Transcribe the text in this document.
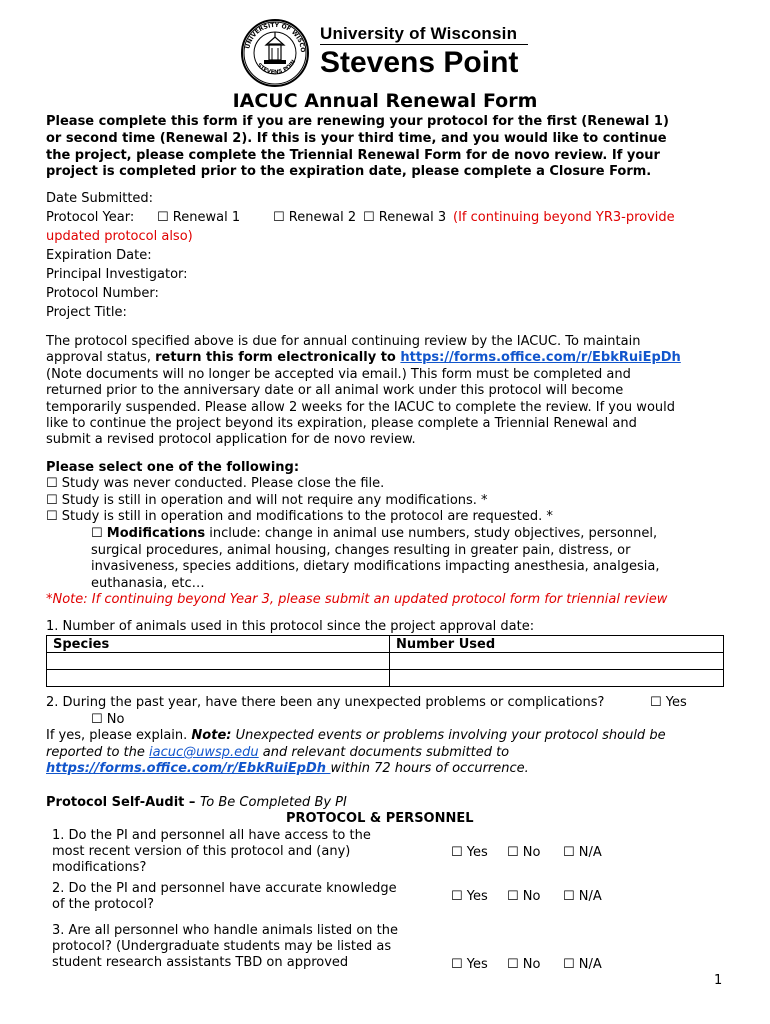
UNIVERSITY OF WISCO
STEVENS POIN
University of Wisconsin
Stevens Point
IACUC Annual Renewal Form
Please complete this form if you are renewing your protocol for the first (Renewal 1)
or second time (Renewal 2). If this is your third time, and you would like to continue
the project, please complete the Triennial Renewal Form for de novo review. If your
project is completed prior to the expiration date, please complete a Closure Form.
Date Submitted:
Protocol Year: ☐ Renewal 1	☐ Renewal 2 ☐ Renewal 3 (If continuing beyond YR3-provide
updated protocol also)
Expiration Date:
Principal Investigator:
Protocol Number:
Project Title:
The protocol specified above is due for annual continuing review by the IACUC. To maintain
approval status, return this form electronically to https://forms.office.com/r/EbkRuiEpDh
(Note documents will no longer be accepted via email.) This form must be completed and
returned prior to the anniversary date or all animal work under this protocol will become
temporarily suspended. Please allow 2 weeks for the IACUC to complete the review. If you would
like to continue the project beyond its expiration, please complete a Triennial Renewal and
submit a revised protocol application for de novo review.
Please select one of the following:
☐ Study was never conducted. Please close the file.
☐ Study is still in operation and will not require any modifications. *
☐ Study is still in operation and modifications to the protocol are requested. *
☐ Modifications include: change in animal use numbers, study objectives, personnel,
surgical procedures, animal housing, changes resulting in greater pain, distress, or
invasiveness, species additions, dietary modifications impacting anesthesia, analgesia,
euthanasia, etc…
*Note: If continuing beyond Year 3, please submit an updated protocol form for triennial review
1. Number of animals used in this protocol since the project approval date:
Species	Number Used

2. During the past year, have there been any unexpected problems or complications?	☐ Yes
☐ No
If yes, please explain. Note: Unexpected events or problems involving your protocol should be
reported to the iacuc@uwsp.edu and relevant documents submitted to
https://forms.office.com/r/EbkRuiEpDh within 72 hours of occurrence.
Protocol Self-Audit – To Be Completed By PI
PROTOCOL & PERSONNEL
1. Do the PI and personnel all have access to the
most recent version of this protocol and (any)
modifications?
☐ Yes ☐ No ☐ N/A
2. Do the PI and personnel have accurate knowledge
of the protocol?
☐ Yes ☐ No ☐ N/A
3. Are all personnel who handle animals listed on the
protocol? (Undergraduate students may be listed as
student research assistants TBD on approved	☐ Yes ☐ No ☐ N/A
1
